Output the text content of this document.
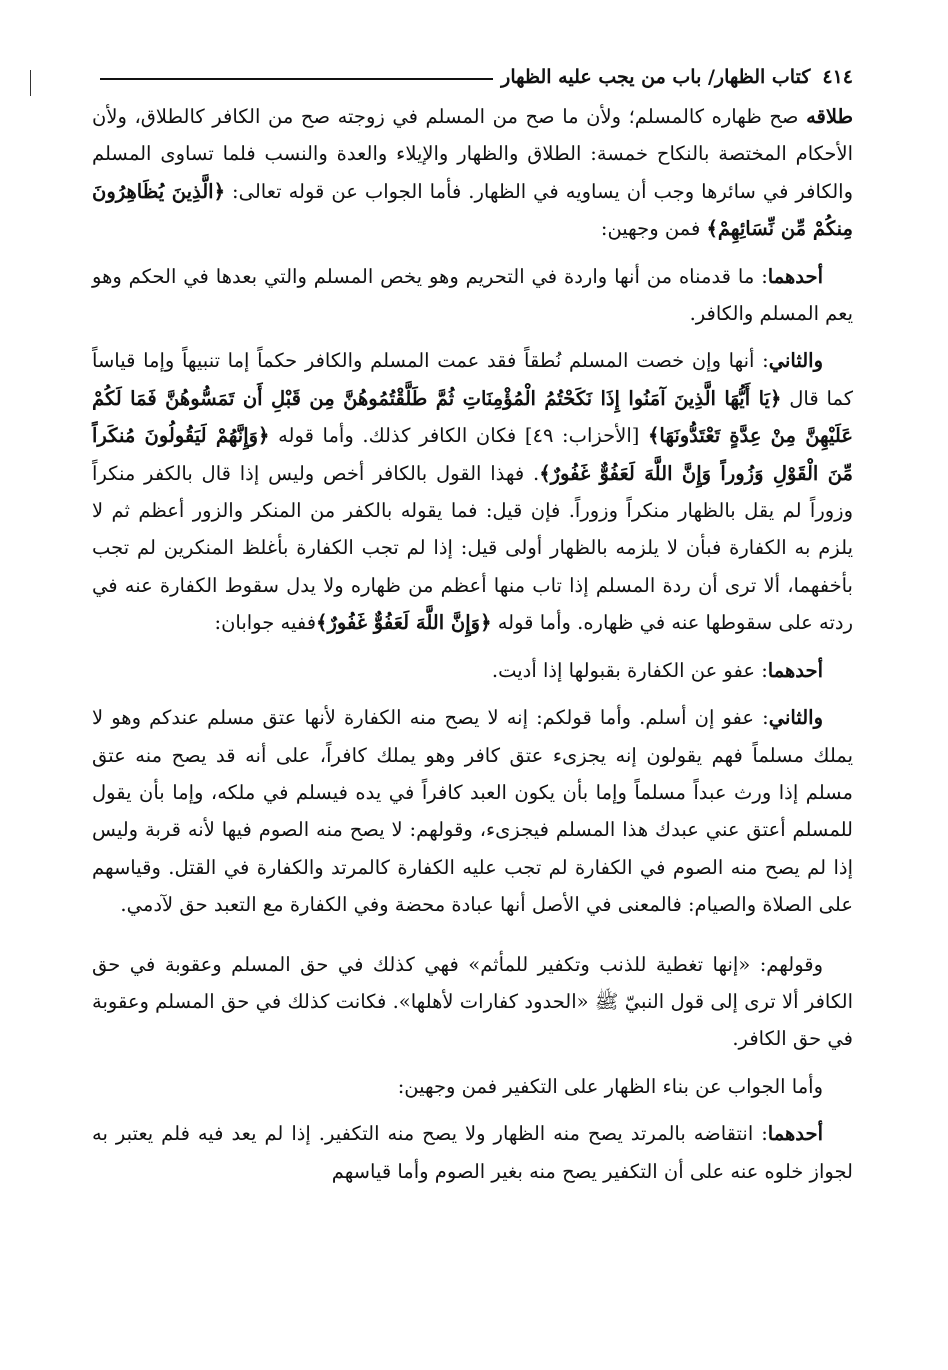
٤١٤
كتاب الظهار/ باب من يجب عليه الظهار

طلاقه صح ظهاره كالمسلم؛ ولأن ما صح من المسلم في زوجته صح من الكافر كالطلاق، ولأن الأحكام المختصة بالنكاح خمسة: الطلاق والظهار والإيلاء والعدة والنسب فلما تساوى المسلم والكافر في سائرها وجب أن يساويه في الظهار. فأما الجواب عن قوله تعالى: ﴿الَّذِينَ يُظَاهِرُونَ مِنكُمْ مِّن نِّسَائِهِمْ﴾ فمن وجهين:

أحدهما: ما قدمناه من أنها واردة في التحريم وهو يخص المسلم والتي بعدها في الحكم وهو يعم المسلم والكافر.

والثاني: أنها وإن خصت المسلم نُطقاً فقد عمت المسلم والكافر حكماً إما تنبيهاً وإما قياساً كما قال ﴿يَا أَيُّهَا الَّذِينَ آمَنُوا إِذَا نَكَحْتُمُ الْمُؤْمِنَاتِ ثُمَّ طَلَّقْتُمُوهُنَّ مِن قَبْلِ أَن تَمَسُّوهُنَّ فَمَا لَكُمْ عَلَيْهِنَّ مِنْ عِدَّةٍ تَعْتَدُّونَهَا﴾ [الأحزاب: ٤٩] فكان الكافر كذلك. وأما قوله ﴿وَإِنَّهُمْ لَيَقُولُونَ مُنكَراً مِّنَ الْقَوْلِ وَزُوراً وَإِنَّ اللَّهَ لَعَفُوٌّ غَفُورٌ﴾. فهذا القول بالكافر أخص وليس إذا قال بالكفر منكراً وزوراً لم يقل بالظهار منكراً وزوراً. فإن قيل: فما يقوله بالكفر من المنكر والزور أعظم ثم لا يلزم به الكفارة فبأن لا يلزمه بالظهار أولى قيل: إذا لم تجب الكفارة بأغلظ المنكرين لم تجب بأخفهما، ألا ترى أن ردة المسلم إذا تاب منها أعظم من ظهاره ولا يدل سقوط الكفارة عنه في ردته على سقوطها عنه في ظهاره. وأما قوله ﴿وَإِنَّ اللَّهَ لَعَفُوٌّ غَفُورٌ﴾ففيه جوابان:

أحدهما: عفو عن الكفارة بقبولها إذا أديت.

والثاني: عفو إن أسلم. وأما قولكم: إنه لا يصح منه الكفارة لأنها عتق مسلم عندكم وهو لا يملك مسلماً فهم يقولون إنه يجزىء عتق كافر وهو يملك كافراً، على أنه قد يصح منه عتق مسلم إذا ورث عبداً مسلماً وإما بأن يكون العبد كافراً في يده فيسلم في ملكه، وإما بأن يقول للمسلم أعتق عني عبدك هذا المسلم فيجزىء، وقولهم: لا يصح منه الصوم فيها لأنه قربة وليس إذا لم يصح منه الصوم في الكفارة لم تجب عليه الكفارة كالمرتد والكفارة في القتل. وقياسهم على الصلاة والصيام: فالمعنى في الأصل أنها عبادة محضة وفي الكفارة مع التعبد حق لآدمي.

وقولهم: «إنها تغطية للذنب وتكفير للمأثم» فهي كذلك في حق المسلم وعقوبة في حق الكافر ألا ترى إلى قول النبيّ ﷺ «الحدود كفارات لأهلها». فكانت كذلك في حق المسلم وعقوبة في حق الكافر.

وأما الجواب عن بناء الظهار على التكفير فمن وجهين:

أحدهما: انتقاضه بالمرتد يصح منه الظهار ولا يصح منه التكفير. إذا لم يعد فيه فلم يعتبر به لجواز خلوه عنه على أن التكفير يصح منه بغير الصوم وأما قياسهم
